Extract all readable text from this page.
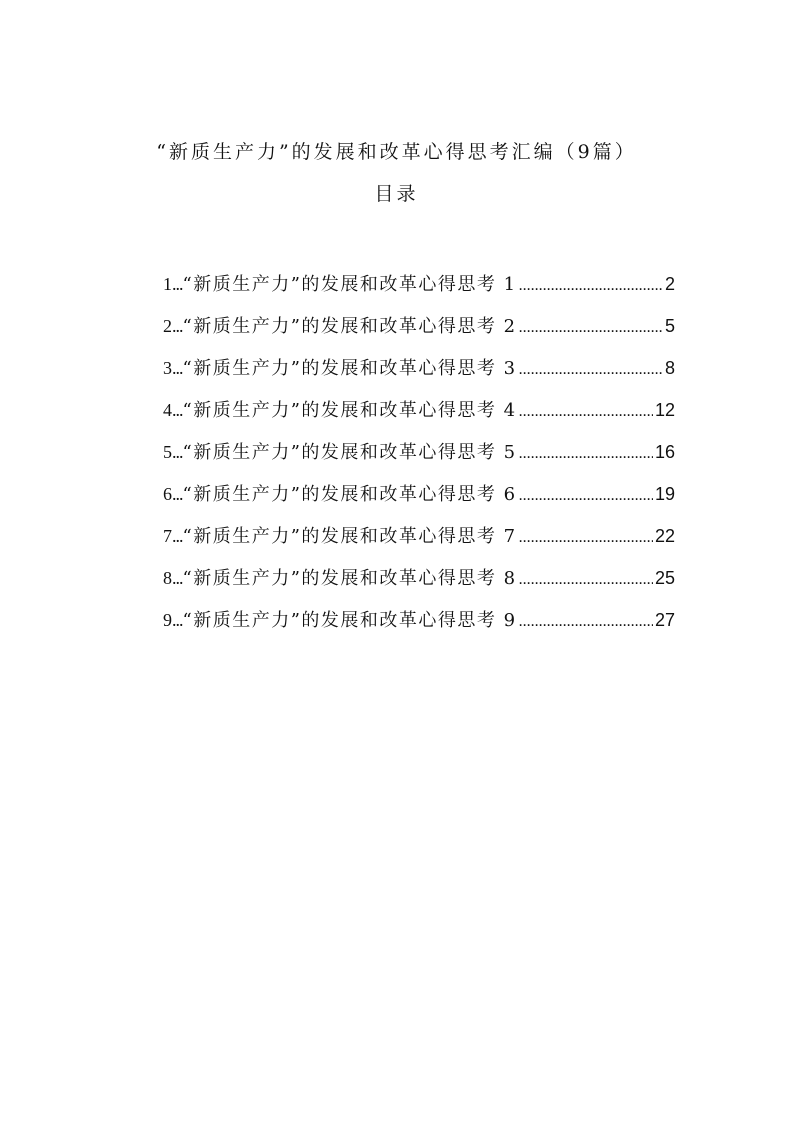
“新质生产力”的发展和改革心得思考汇编（9篇）
目录
1 ... “新质生产力”的发展和改革心得思考 1 .....	2
2 ... “新质生产力”的发展和改革心得思考 2 .....	5
3 ... “新质生产力”的发展和改革心得思考 3 .....	8
4 ... “新质生产力”的发展和改革心得思考 4 .....	12
5 ... “新质生产力”的发展和改革心得思考 5 .....	16
6 ... “新质生产力”的发展和改革心得思考 6 .....	19
7 ... “新质生产力”的发展和改革心得思考 7 .....	22
8 ... “新质生产力”的发展和改革心得思考 8 .....	25
9 ... “新质生产力”的发展和改革心得思考 9 .....	27
